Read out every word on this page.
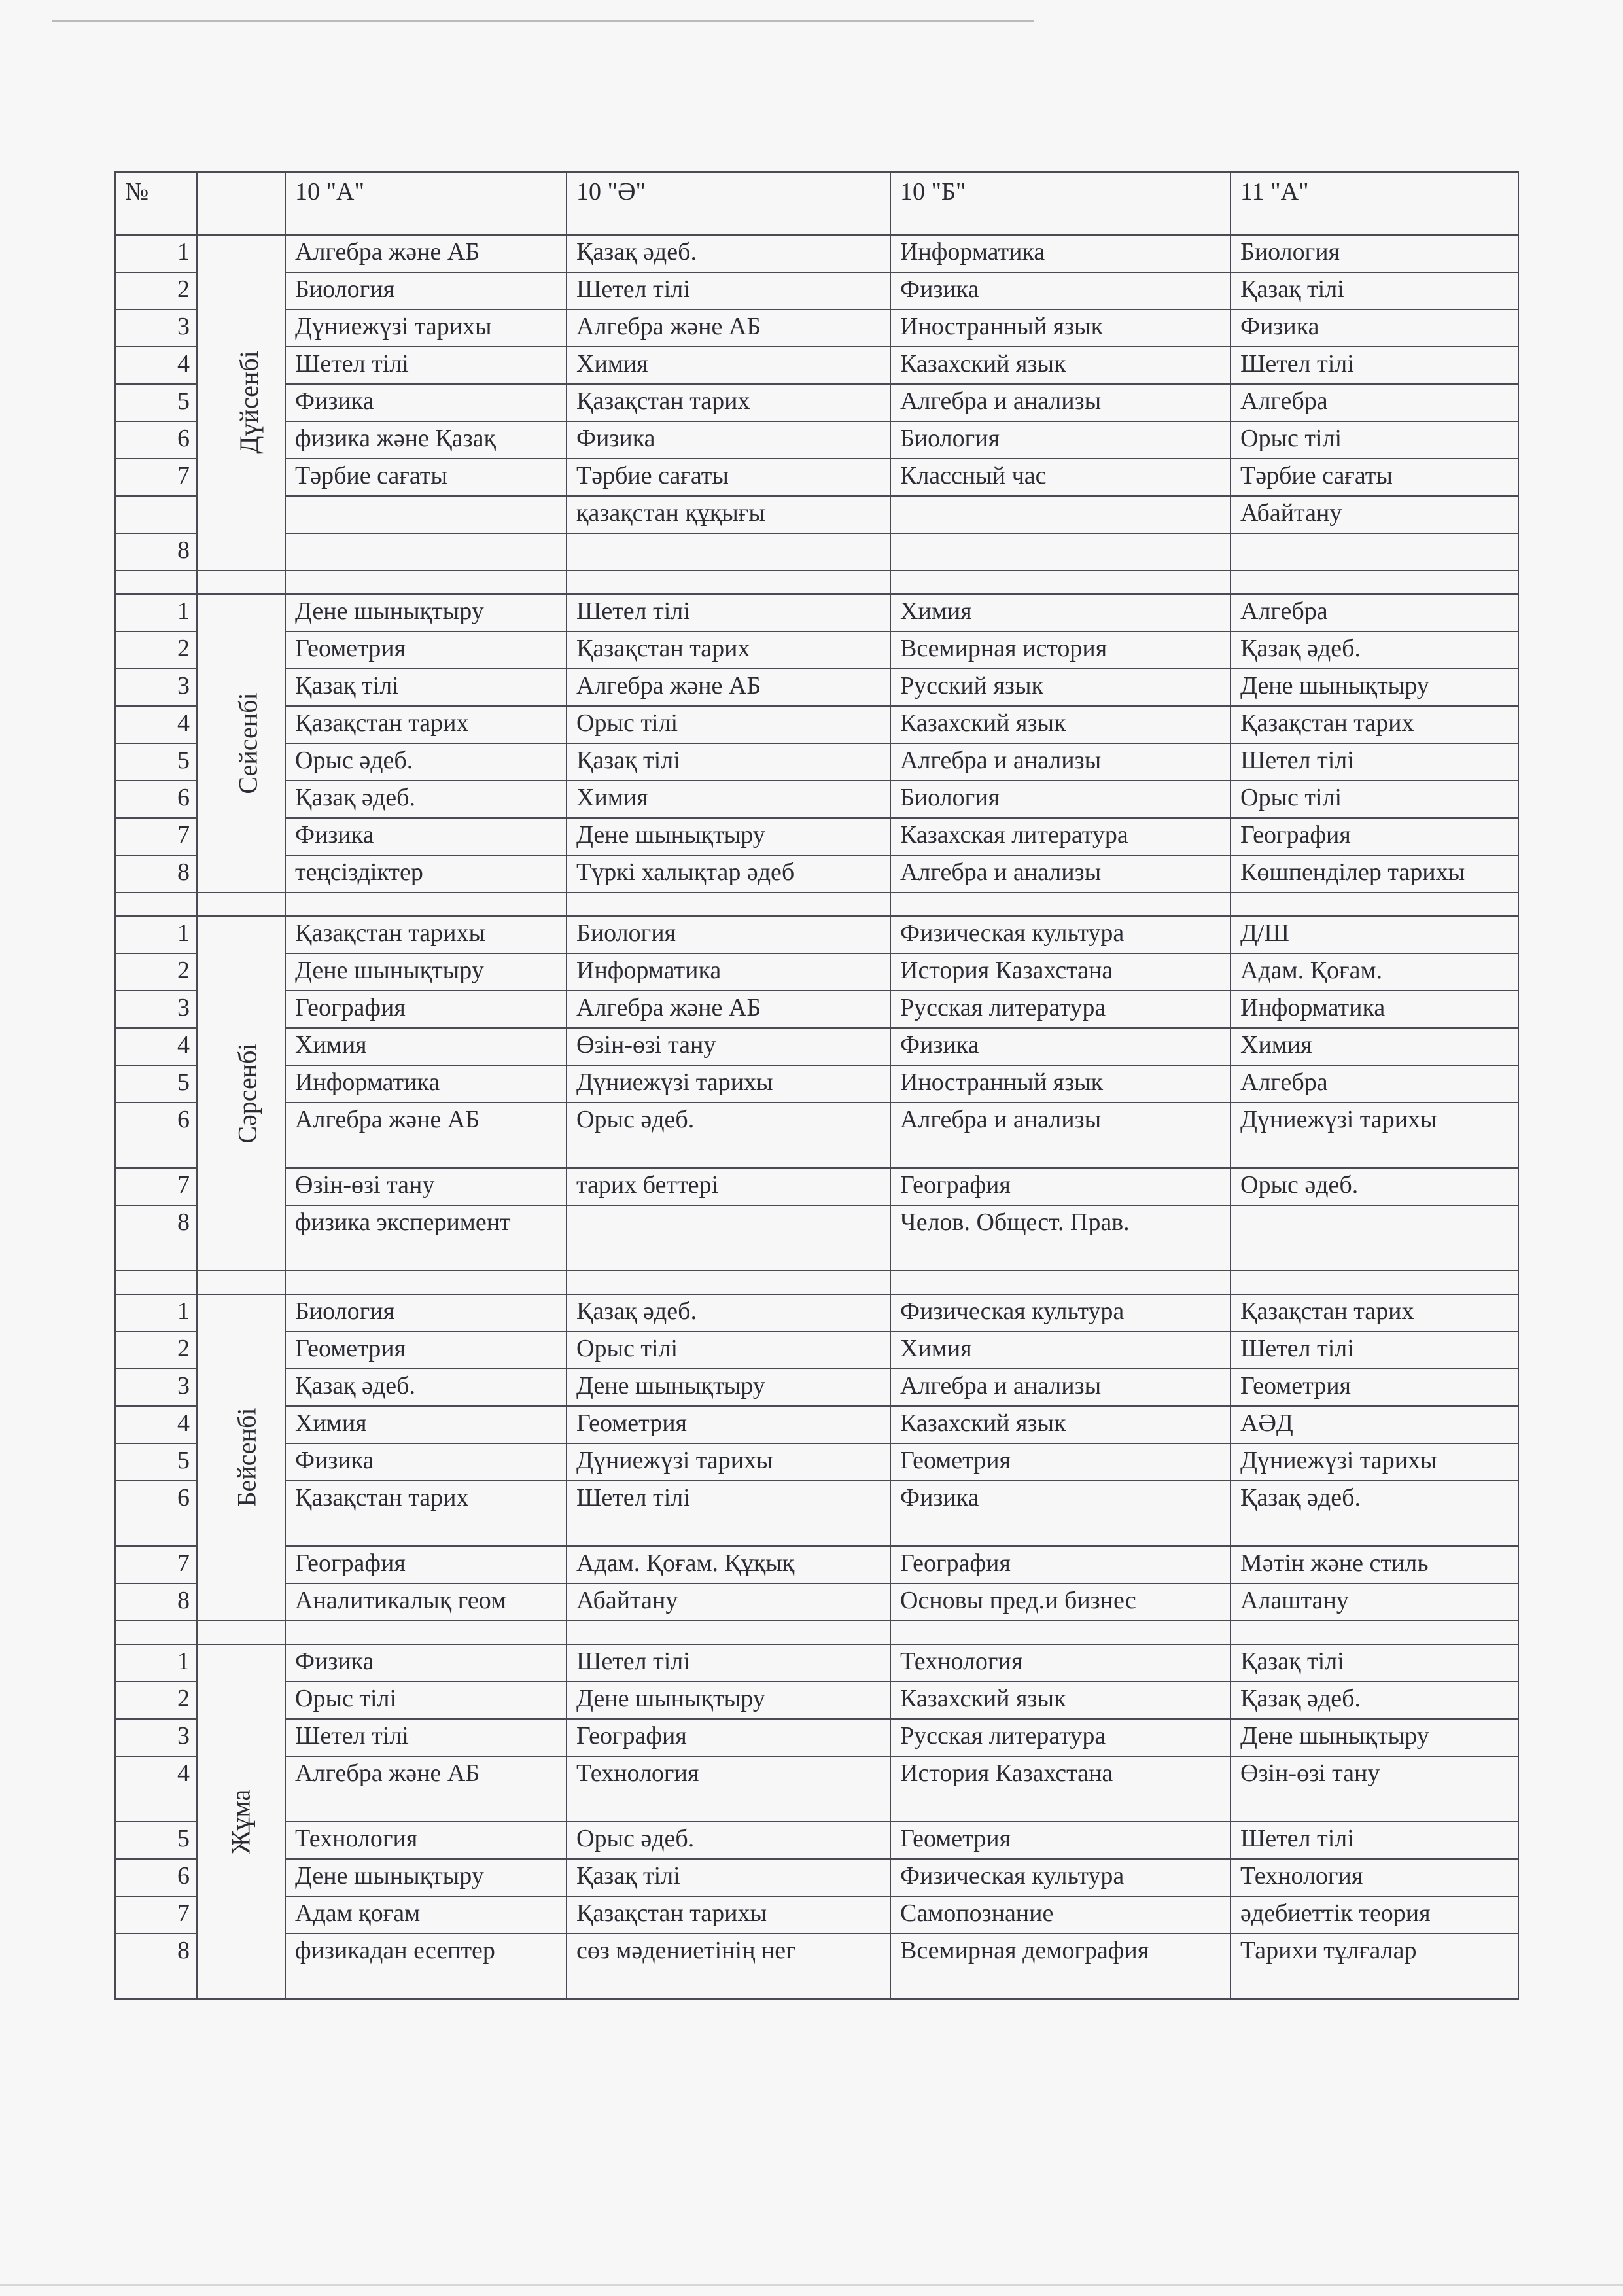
№		10 "А"	10 "Ә"	10 "Б"	11 "А"
1	Дүйсенбі	Алгебра және АБ	Қазақ әдеб.	Информатика	Биология
2		Биология	Шетел тілі	Физика	Қазақ тілі
3		Дүниежүзі тарихы	Алгебра және АБ	Иностранный язык	Физика
4		Шетел тілі	Химия	Казахский язык	Шетел тілі
5		Физика	Қазақстан тарих	Алгебра и анализы	Алгебра
6		физика және Қазақ	Физика	Биология	Орыс тілі
7		Тәрбие сағаты	Тәрбие сағаты	Классный час	Тәрбие сағаты
			қазақстан құқығы		Абайтану
8					

1	Сейсенбі	Дене шынықтыру	Шетел тілі	Химия	Алгебра
2		Геометрия	Қазақстан тарих	Всемирная история	Қазақ әдеб.
3		Қазақ тілі	Алгебра және АБ	Русский язык	Дене шынықтыру
4		Қазақстан тарих	Орыс тілі	Казахский язык	Қазақстан тарих
5		Орыс әдеб.	Қазақ тілі	Алгебра и анализы	Шетел тілі
6		Қазақ әдеб.	Химия	Биология	Орыс тілі
7		Физика	Дене шынықтыру	Казахская литература	География
8		теңсіздіктер	Түркі халықтар әдеб	Алгебра и анализы	Көшпенділер тарихы

1	Сәрсенбі	Қазақстан тарихы	Биология	Физическая культура	Д/Ш
2		Дене шынықтыру	Информатика	История Казахстана	Адам. Қоғам.
3		География	Алгебра және АБ	Русская литература	Информатика
4		Химия	Өзін-өзі тану	Физика	Химия
5		Информатика	Дүниежүзі тарихы	Иностранный язык	Алгебра
6		Алгебра және АБ	Орыс әдеб.	Алгебра и анализы	Дүниежүзі тарихы
7		Өзін-өзі тану	тарих беттері	География	Орыс әдеб.
8		физика эксперимент		Челов. Общест. Прав.	

1	Бейсенбі	Биология	Қазақ әдеб.	Физическая культура	Қазақстан тарих
2		Геометрия	Орыс тілі	Химия	Шетел тілі
3		Қазақ әдеб.	Дене шынықтыру	Алгебра и анализы	Геометрия
4		Химия	Геометрия	Казахский язык	АӘД
5		Физика	Дүниежүзі тарихы	Геометрия	Дүниежүзі тарихы
6		Қазақстан тарих	Шетел тілі	Физика	Қазақ әдеб.
7		География	Адам. Қоғам. Құқық	География	Мәтін және стиль
8		Аналитикалық геом	Абайтану	Основы пред.и бизнес	Алаштану

1	Жұма	Физика	Шетел тілі	Технология	Қазақ тілі
2		Орыс тілі	Дене шынықтыру	Казахский язык	Қазақ әдеб.
3		Шетел тілі	География	Русская литература	Дене шынықтыру
4		Алгебра және АБ	Технология	История Казахстана	Өзін-өзі тану
5		Технология	Орыс әдеб.	Геометрия	Шетел тілі
6		Дене шынықтыру	Қазақ тілі	Физическая культура	Технология
7		Адам қоғам	Қазақстан тарихы	Самопознание	әдебиеттік теория
8		физикадан есептер	сөз мәдениетінің нег	Всемирная демография	Тарихи тұлғалар
